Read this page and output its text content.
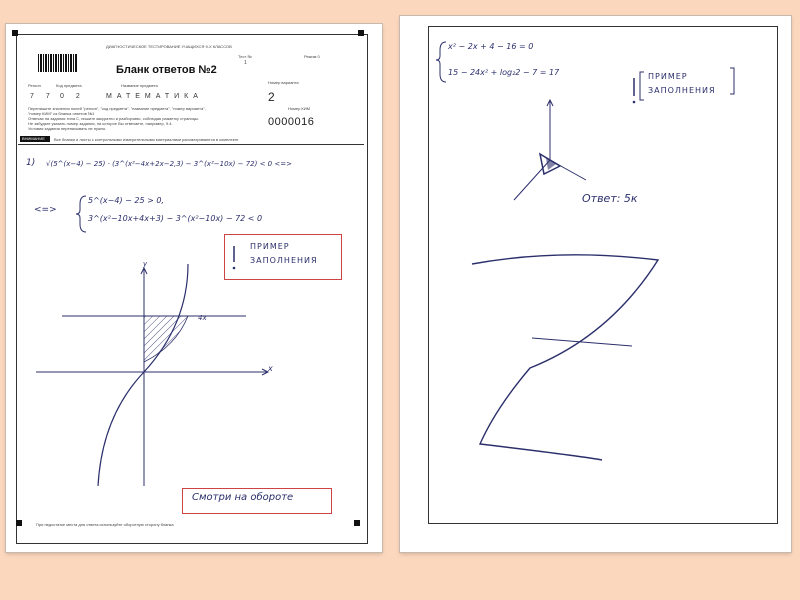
ДИАГНОСТИЧЕСКОЕ ТЕСТИРОВАНИЕ УЧАЩИХСЯ 9-Х КЛАССОВ
Тест №
1
Режим 0
Бланк ответов №2
Регион	Код предмета	Название предмета
Номер варианта
7 7 0 2	МАТЕМАТИКА	2
Номер КИМ
0000016
Перепишите значения полей "регион", "код предмета", "название предмета", "номер варианта",
"номер КИМ" из бланка ответов №1
Отвечая на задания типа С, пишите аккуратно и разборчиво, соблюдая разметку страницы.
Не забудьте указать номер задания, на которое Вы отвечаете, например, 9.4.
Условия задания переписывать не нужно.
ВНИМАНИЕ Все бланки и листы с контрольными измерительными материалами рассматриваются в комплекте
1) √(5^(x−4) − 25) · (3^(x²−4x+2x−2,3) − 3^(x²−10x) − 72) < 0 <=>
<=>
5^(x−4) − 25 > 0,
3^(x²−10x+4x+3) − 3^(x²−10x) − 72 < 0
ПРИМЕР
ЗАПОЛНЕНИЯ
y
x
4x
Смотри на обороте
При недостатке места для ответа используйте оборотную сторону бланка
x² − 2x + 4 − 16 = 0
15 − 24x² + log₂2 − 7 = 17	ПРИМЕР
ЗАПОЛНЕНИЯ
Ответ: 5к
